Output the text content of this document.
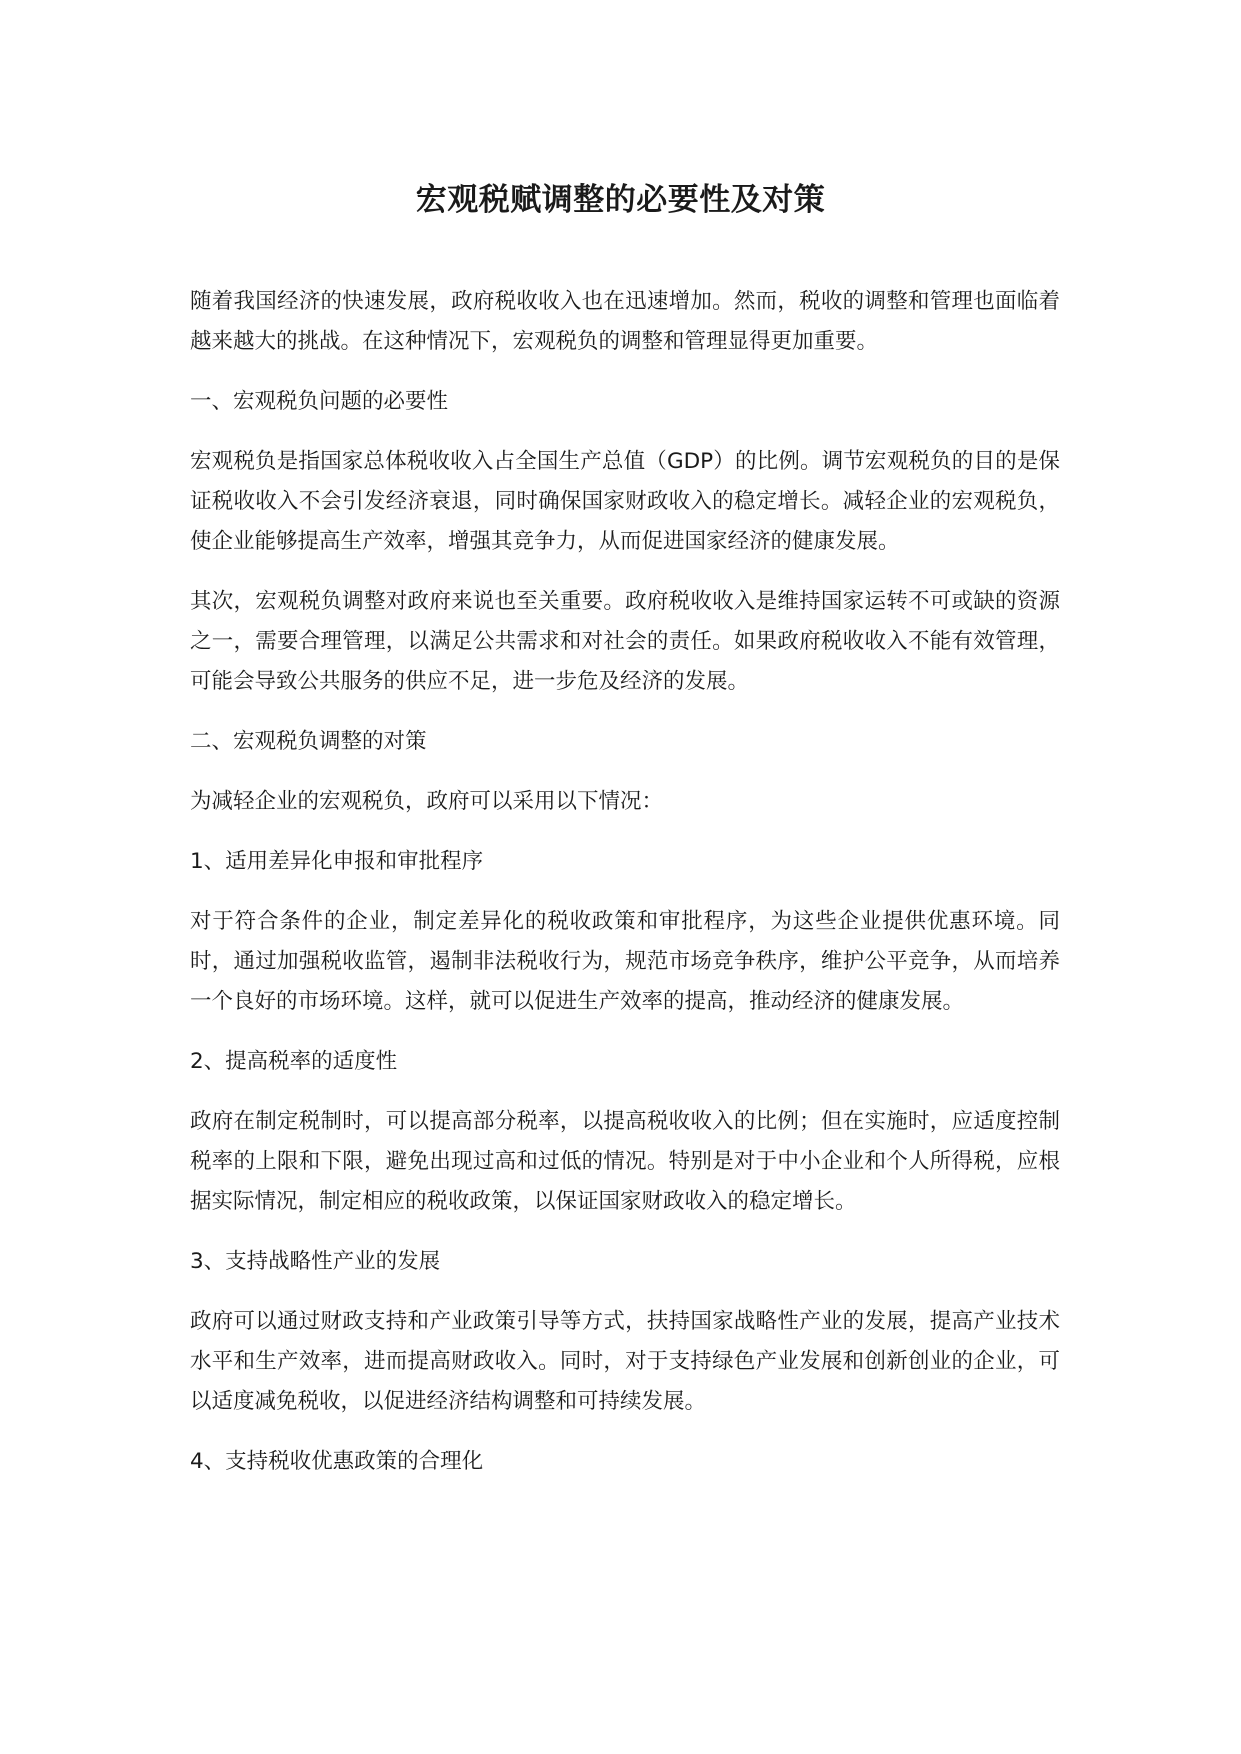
宏观税赋调整的必要性及对策

随着我国经济的快速发展，政府税收收入也在迅速增加。然而，税收的调整和管理也面临着越来越大的挑战。在这种情况下，宏观税负的调整和管理显得更加重要。

一、宏观税负问题的必要性

宏观税负是指国家总体税收收入占全国生产总值（GDP）的比例。调节宏观税负的目的是保证税收收入不会引发经济衰退，同时确保国家财政收入的稳定增长。减轻企业的宏观税负，使企业能够提高生产效率，增强其竞争力，从而促进国家经济的健康发展。

其次，宏观税负调整对政府来说也至关重要。政府税收收入是维持国家运转不可或缺的资源之一，需要合理管理，以满足公共需求和对社会的责任。如果政府税收收入不能有效管理，可能会导致公共服务的供应不足，进一步危及经济的发展。

二、宏观税负调整的对策

为减轻企业的宏观税负，政府可以采用以下情况：

1、适用差异化申报和审批程序

对于符合条件的企业，制定差异化的税收政策和审批程序，为这些企业提供优惠环境。同时，通过加强税收监管，遏制非法税收行为，规范市场竞争秩序，维护公平竞争，从而培养一个良好的市场环境。这样，就可以促进生产效率的提高，推动经济的健康发展。

2、提高税率的适度性

政府在制定税制时，可以提高部分税率，以提高税收收入的比例；但在实施时，应适度控制税率的上限和下限，避免出现过高和过低的情况。特别是对于中小企业和个人所得税，应根据实际情况，制定相应的税收政策，以保证国家财政收入的稳定增长。

3、支持战略性产业的发展

政府可以通过财政支持和产业政策引导等方式，扶持国家战略性产业的发展，提高产业技术水平和生产效率，进而提高财政收入。同时，对于支持绿色产业发展和创新创业的企业，可以适度减免税收，以促进经济结构调整和可持续发展。

4、支持税收优惠政策的合理化
